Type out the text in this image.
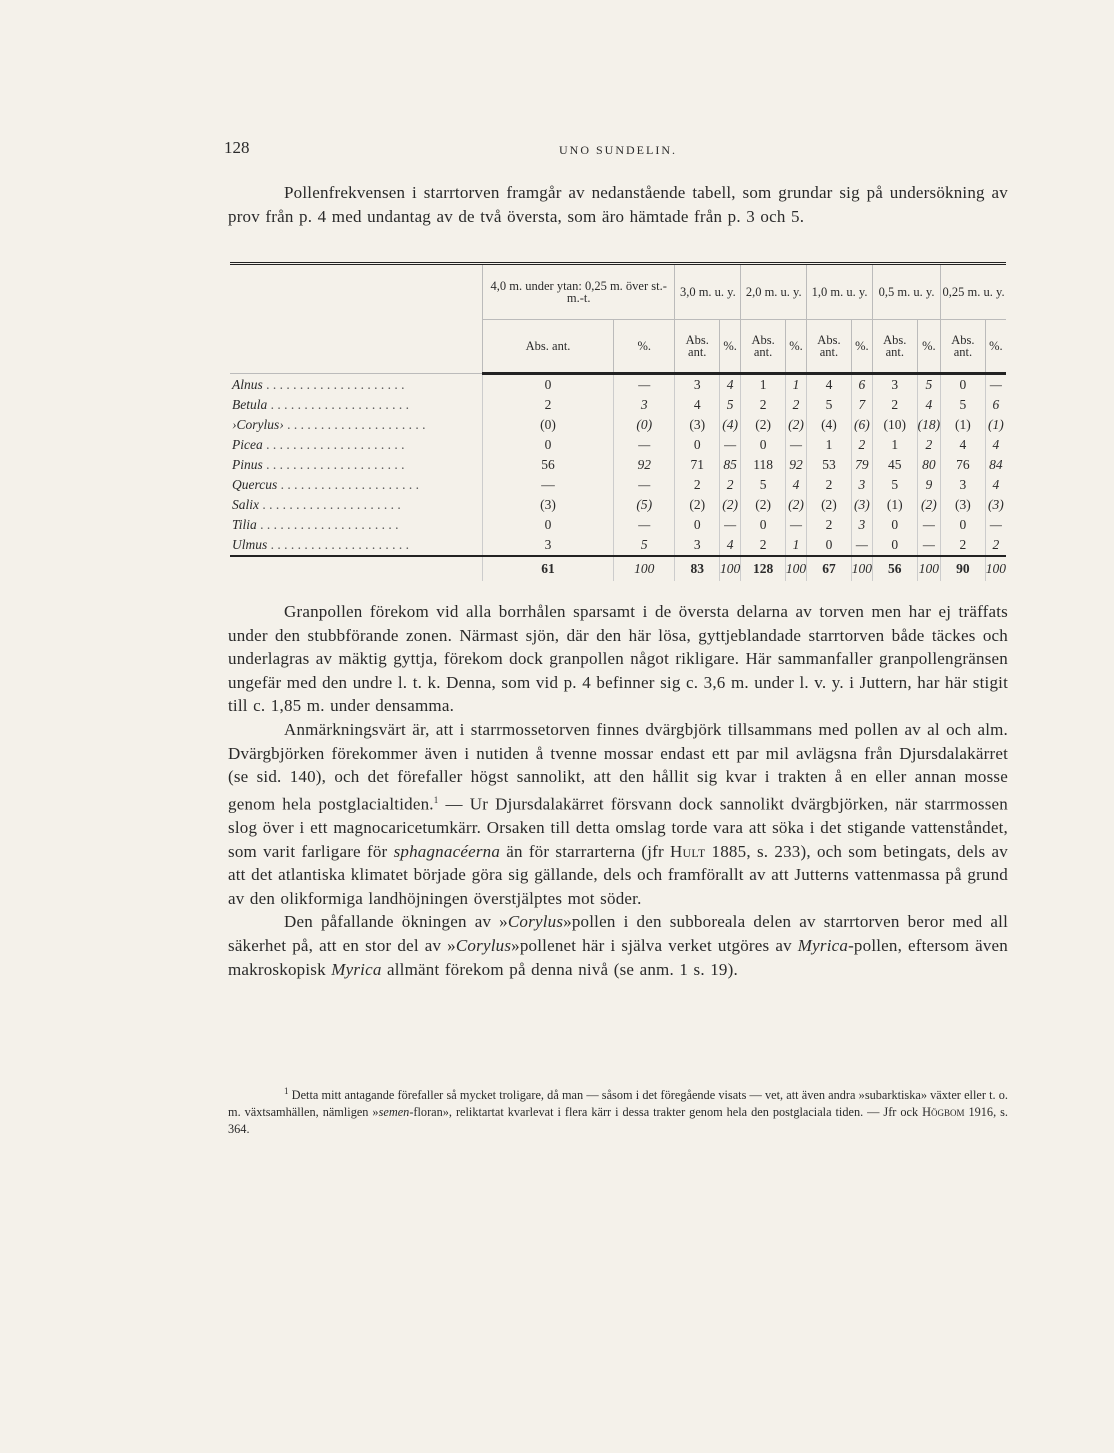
128	UNO SUNDELIN.

Pollenfrekvensen i starrtorven framgår av nedanstående tabell, som grundar sig på undersökning av prov från p. 4 med undantag av de två översta, som äro hämtade från p. 3 och 5.

	4,0 m. under ytan: 0,25 m. över st.-m.-t.		3,0 m. u. y.		2,0 m. u. y.		1,0 m. u. y.		0,5 m. u. y.		0,25 m. u. y.	
	Abs. ant.	%.	Abs. ant.	%.	Abs. ant.	%.	Abs. ant.	%.	Abs. ant.	%.	Abs. ant.	%.
Alnus . . .	0	—	3	4	1	1	4	6	3	5	0	—
Betula . . .	2	3	4	5	2	2	5	7	2	4	5	6
›Corylus› . . .	(0)	(0)	(3)	(4)	(2)	(2)	(4)	(6)	(10)	(18)	(1)	(1)
Picea . . .	0	—	0	—	0	—	1	2	1	2	4	4
Pinus . . .	56	92	71	85	118	92	53	79	45	80	76	84
Quercus . . .	—	—	2	2	5	4	2	3	5	9	3	4
Salix . . .	(3)	(5)	(2)	(2)	(2)	(2)	(2)	(3)	(1)	(2)	(3)	(3)
Tilia . . .	0	—	0	—	0	—	2	3	0	—	0	—
Ulmus . . .	3	5	3	4	2	1	0	—	0	—	2	2
	61	100	83	100	128	100	67	100	56	100	90	100

Granpollen förekom vid alla borrhålen sparsamt i de översta delarna av torven men har ej träffats under den stubbförande zonen. Närmast sjön, där den här lösa, gyttjeblandade starrtorven både täckes och underlagras av mäktig gyttja, förekom dock granpollen något rikligare. Här sammanfaller granpollengränsen ungefär med den undre l. t. k. Denna, som vid p. 4 befinner sig c. 3,6 m. under l. v. y. i Juttern, har här stigit till c. 1,85 m. under densamma.

Anmärkningsvärt är, att i starrmossetorven finnes dvärgbjörk tillsammans med pollen av al och alm. Dvärgbjörken förekommer även i nutiden å tvenne mossar endast ett par mil avlägsna från Djursdalakärret (se sid. 140), och det förefaller högst sannolikt, att den hållit sig kvar i trakten å en eller annan mosse genom hela postglacialtiden.$^1$ — Ur Djursdalakärret försvann dock sannolikt dvärgbjörken, när starrmossen slog över i ett magnocaricetumkärr. Orsaken till detta omslag torde vara att söka i det stigande vattenståndet, som varit farligare för sphagnacéerna än för starrarterna (jfr Hult 1885, s. 233), och som betingats, dels av att det atlantiska klimatet började göra sig gällande, dels och framförallt av att Jutterns vattenmassa på grund av den olikformiga landhöjningen överstjälptes mot söder.

Den påfallande ökningen av »Corylus»pollen i den subboreala delen av starrtorven beror med all säkerhet på, att en stor del av »Corylus»pollenet här i själva verket utgöres av Myrica-pollen, eftersom även makroskopisk Myrica allmänt förekom på denna nivå (se anm. 1 s. 19).

$^1$ Detta mitt antagande förefaller så mycket troligare, då man — såsom i det föregående visats — vet, att även andra »subarktiska» växter eller t. o. m. växtsamhällen, nämligen »semen-floran», reliktartat kvarlevat i flera kärr i dessa trakter genom hela den postglaciala tiden. — Jfr ock Högbom 1916, s. 364.
